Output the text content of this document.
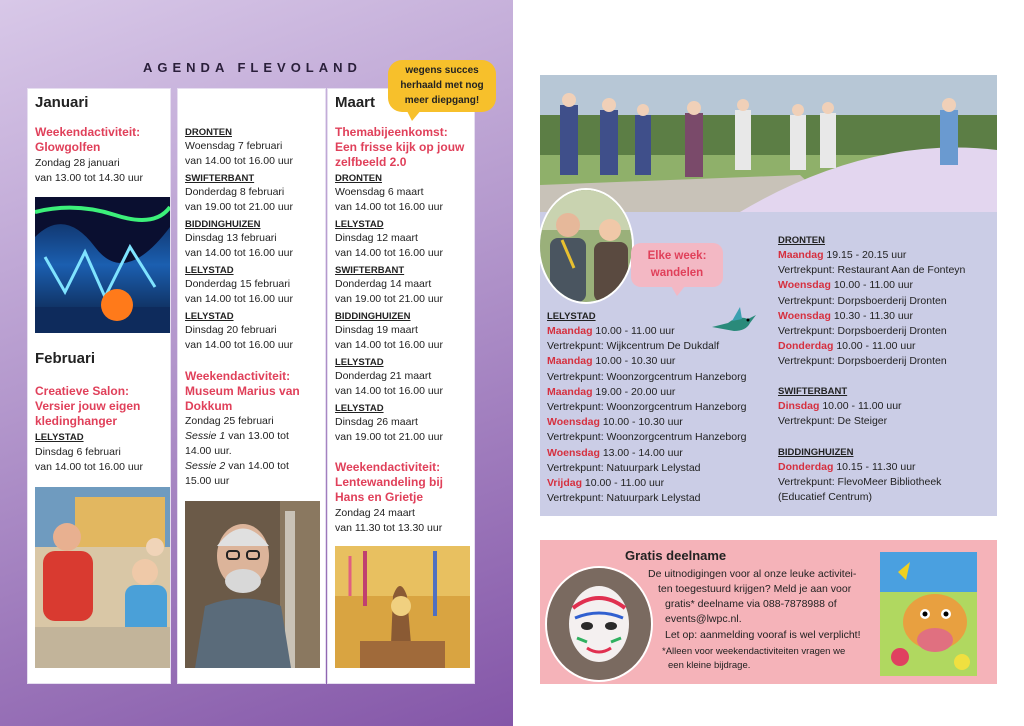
AGENDA FLEVOLAND
Januari
Weekendactiviteit:
Glowgolfen
Zondag 28 januari
van 13.00 tot 14.30 uur
Februari
Creatieve Salon:
Versier jouw eigen
kledinghanger
LELYSTAD
Dinsdag 6 februari
van 14.00 tot 16.00 uur
DRONTEN
Woensdag 7 februari
van 14.00 tot 16.00 uur
SWIFTERBANT
Donderdag 8 februari
van 19.00 tot 21.00 uur
BIDDINGHUIZEN
Dinsdag 13 februari
van 14.00 tot 16.00 uur
LELYSTAD
Donderdag 15 februari
van 14.00 tot 16.00 uur
LELYSTAD
Dinsdag 20 februari
van 14.00 tot 16.00 uur
Weekendactiviteit:
Museum Marius van
Dokkum
Zondag 25 februari
Sessie 1 van 13.00 tot
14.00 uur.
Sessie 2 van 14.00 tot
15.00 uur
Maart
Themabijeenkomst:
Een frisse kijk op jouw
zelfbeeld 2.0
DRONTEN
Woensdag 6 maart
van 14.00 tot 16.00 uur
LELYSTAD
Dinsdag 12 maart
van 14.00 tot 16.00 uur
SWIFTERBANT
Donderdag 14 maart
van 19.00 tot 21.00 uur
BIDDINGHUIZEN
Dinsdag 19 maart
van 14.00 tot 16.00 uur
LELYSTAD
Donderdag 21 maart
van 14.00 tot 16.00 uur
LELYSTAD
Dinsdag 26 maart
van 19.00 tot 21.00 uur
Weekendactiviteit:
Lentewandeling bij
Hans en Grietje
Zondag 24 maart
van 11.30 tot 13.30 uur
wegens succes
herhaald met nog
meer diepgang!
Elke week:
wandelen
LELYSTAD
Maandag 10.00 - 11.00 uur
Vertrekpunt: Wijkcentrum De Dukdalf
Maandag 10.00 - 10.30 uur
Vertrekpunt: Woonzorgcentrum Hanzeborg
Maandag 19.00 - 20.00 uur
Vertrekpunt: Woonzorgcentrum Hanzeborg
Woensdag 10.00 - 10.30 uur
Vertrekpunt: Woonzorgcentrum Hanzeborg
Woensdag 13.00 - 14.00 uur
Vertrekpunt: Natuurpark Lelystad
Vrijdag 10.00 - 11.00 uur
Vertrekpunt: Natuurpark Lelystad
DRONTEN
Maandag 19.15 - 20.15 uur
Vertrekpunt: Restaurant Aan de Fonteyn
Woensdag 10.00 - 11.00 uur
Vertrekpunt: Dorpsboerderij Dronten
Woensdag 10.30 - 11.30 uur
Vertrekpunt: Dorpsboerderij Dronten
Donderdag 10.00 - 11.00 uur
Vertrekpunt: Dorpsboerderij Dronten
SWIFTERBANT
Dinsdag 10.00 - 11.00 uur
Vertrekpunt: De Steiger
BIDDINGHUIZEN
Donderdag 10.15 - 11.30 uur
Vertrekpunt: FlevoMeer Bibliotheek
(Educatief Centrum)
Gratis deelname
De uitnodigingen voor al onze leuke activitei-
ten toegestuurd krijgen? Meld je aan voor
gratis* deelname via 088-7878988 of
events@lwpc.nl.
Let op: aanmelding vooraf is wel verplicht!
*Alleen voor weekendactiviteiten vragen we
een kleine bijdrage.
